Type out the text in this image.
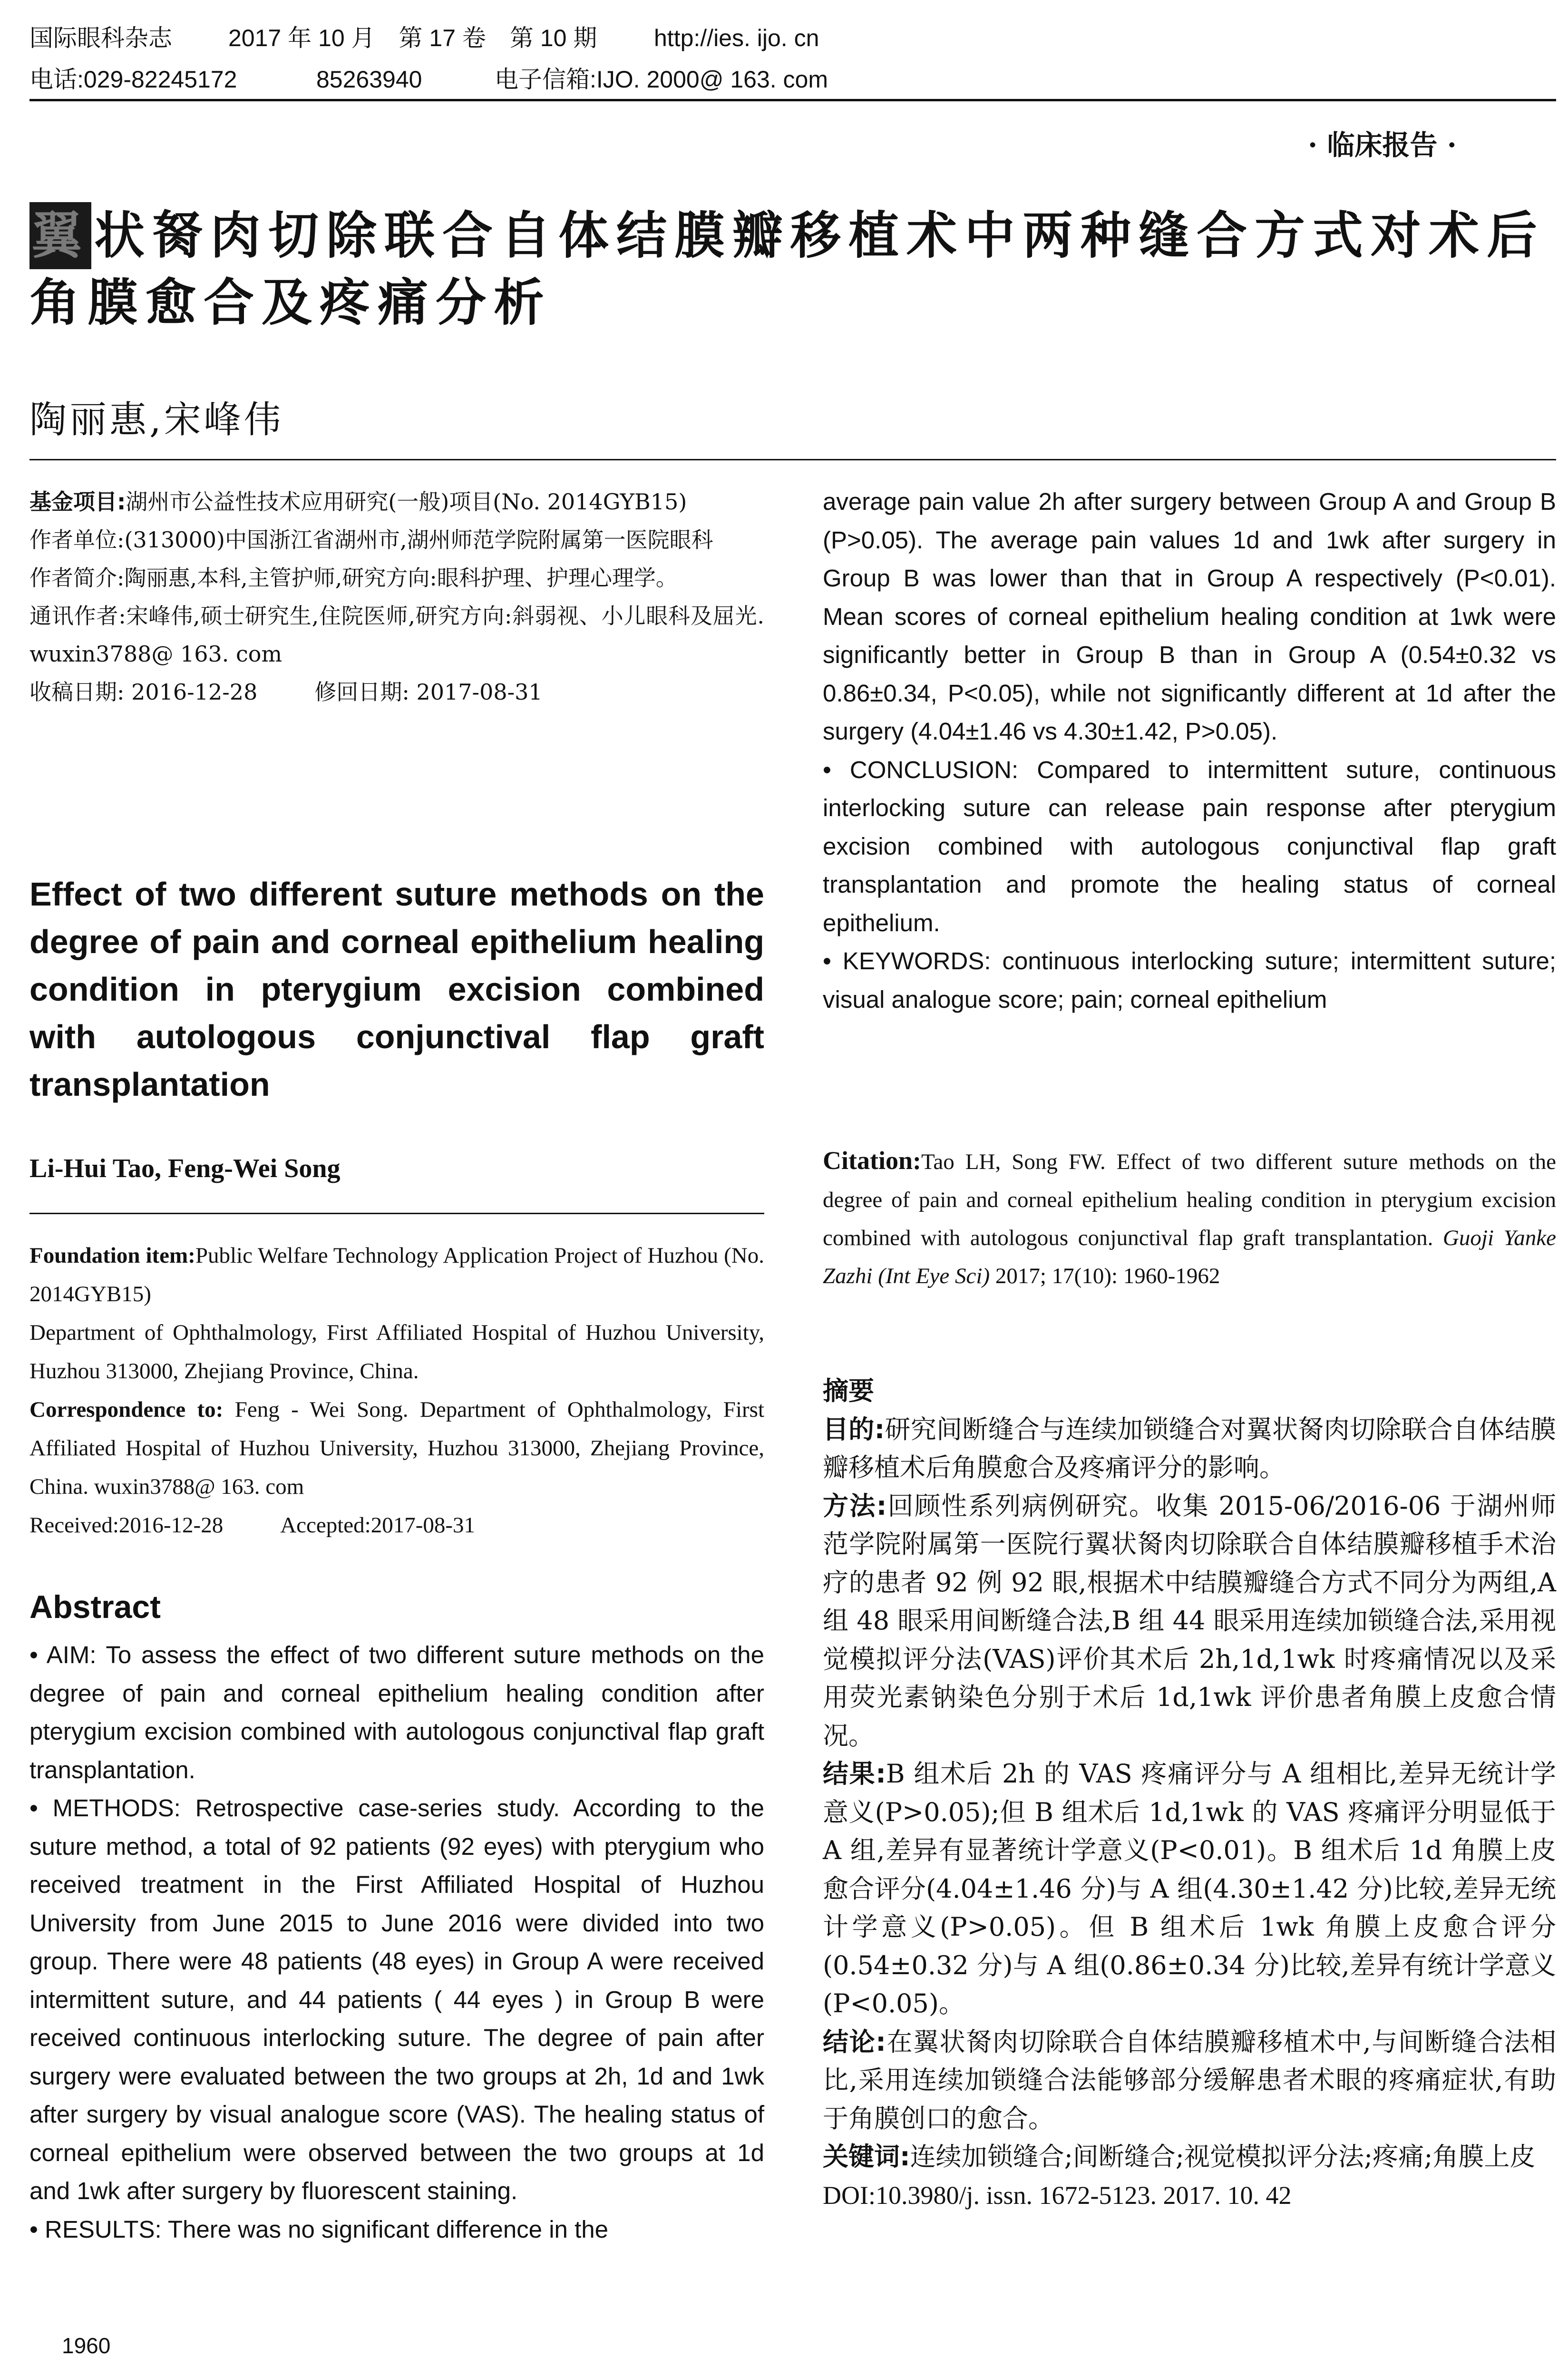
国际眼科杂志 2017 年 10 月　第 17 卷　第 10 期 http://ies. ijo. cn
电话:029-82245172	85263940	电子信箱:IJO. 2000@ 163. com
· 临床报告 ·
翼状胬肉切除联合自体结膜瓣移植术中两种缝合方式对术后角膜愈合及疼痛分析
陶丽惠,宋峰伟

基金项目:湖州市公益性技术应用研究(一般)项目(No. 2014GYB15)

作者单位:(313000)中国浙江省湖州市,湖州师范学院附属第一医院眼科

作者简介:陶丽惠,本科,主管护师,研究方向:眼科护理、护理心理学。

通讯作者:宋峰伟,硕士研究生,住院医师,研究方向:斜弱视、小儿眼科及屈光. wuxin3788@ 163. com

收稿日期: 2016-12-28	修回日期: 2017-08-31

Effect of two different suture methods on the degree of pain and corneal epithelium healing condition in pterygium excision combined with autologous conjunctival flap graft transplantation
Li-Hui Tao, Feng-Wei Song

Foundation item:Public Welfare Technology Application Project of Huzhou (No. 2014GYB15)

Department of Ophthalmology, First Affiliated Hospital of Huzhou University, Huzhou 313000, Zhejiang Province, China.

Correspondence to: Feng - Wei Song. Department of Ophthalmology, First Affiliated Hospital of Huzhou University, Huzhou 313000, Zhejiang Province, China. wuxin3788@ 163. com

Received:2016-12-28	Accepted:2017-08-31

Abstract

• AIM: To assess the effect of two different suture methods on the degree of pain and corneal epithelium healing condition after pterygium excision combined with autologous conjunctival flap graft transplantation.

• METHODS: Retrospective case-series study. According to the suture method, a total of 92 patients (92 eyes) with pterygium who received treatment in the First Affiliated Hospital of Huzhou University from June 2015 to June 2016 were divided into two group. There were 48 patients (48 eyes) in Group A were received intermittent suture, and 44 patients ( 44 eyes ) in Group B were received continuous interlocking suture. The degree of pain after surgery were evaluated between the two groups at 2h, 1d and 1wk after surgery by visual analogue score (VAS). The healing status of corneal epithelium were observed between the two groups at 1d and 1wk after surgery by fluorescent staining.

• RESULTS: There was no significant difference in the

1960

average pain value 2h after surgery between Group A and Group B (P>0.05). The average pain values 1d and 1wk after surgery in Group B was lower than that in Group A respectively (P<0.01). Mean scores of corneal epithelium healing condition at 1wk were significantly better in Group B than in Group A (0.54±0.32 vs 0.86±0.34, P<0.05), while not significantly different at 1d after the surgery (4.04±1.46 vs 4.30±1.42, P>0.05).

• CONCLUSION: Compared to intermittent suture, continuous interlocking suture can release pain response after pterygium excision combined with autologous conjunctival flap graft transplantation and promote the healing status of corneal epithelium.

• KEYWORDS: continuous interlocking suture; intermittent suture; visual analogue score; pain; corneal epithelium

Citation:Tao LH, Song FW. Effect of two different suture methods on the degree of pain and corneal epithelium healing condition in pterygium excision combined with autologous conjunctival flap graft transplantation. Guoji Yanke Zazhi (Int Eye Sci) 2017; 17(10): 1960-1962

摘要

目的:研究间断缝合与连续加锁缝合对翼状胬肉切除联合自体结膜瓣移植术后角膜愈合及疼痛评分的影响。

方法:回顾性系列病例研究。收集 2015-06/2016-06 于湖州师范学院附属第一医院行翼状胬肉切除联合自体结膜瓣移植手术治疗的患者 92 例 92 眼,根据术中结膜瓣缝合方式不同分为两组,A 组 48 眼采用间断缝合法,B 组 44 眼采用连续加锁缝合法,采用视觉模拟评分法(VAS)评价其术后 2h,1d,1wk 时疼痛情况以及采用荧光素钠染色分别于术后 1d,1wk 评价患者角膜上皮愈合情况。

结果:B 组术后 2h 的 VAS 疼痛评分与 A 组相比,差异无统计学意义(P>0.05);但 B 组术后 1d,1wk 的 VAS 疼痛评分明显低于 A 组,差异有显著统计学意义(P<0.01)。B 组术后 1d 角膜上皮愈合评分(4.04±1.46 分)与 A 组(4.30±1.42 分)比较,差异无统计学意义(P>0.05)。但 B 组术后 1wk 角膜上皮愈合评分(0.54±0.32 分)与 A 组(0.86±0.34 分)比较,差异有统计学意义(P<0.05)。

结论:在翼状胬肉切除联合自体结膜瓣移植术中,与间断缝合法相比,采用连续加锁缝合法能够部分缓解患者术眼的疼痛症状,有助于角膜创口的愈合。

关键词:连续加锁缝合;间断缝合;视觉模拟评分法;疼痛;角膜上皮

DOI:10.3980/j. issn. 1672-5123. 2017. 10. 42
